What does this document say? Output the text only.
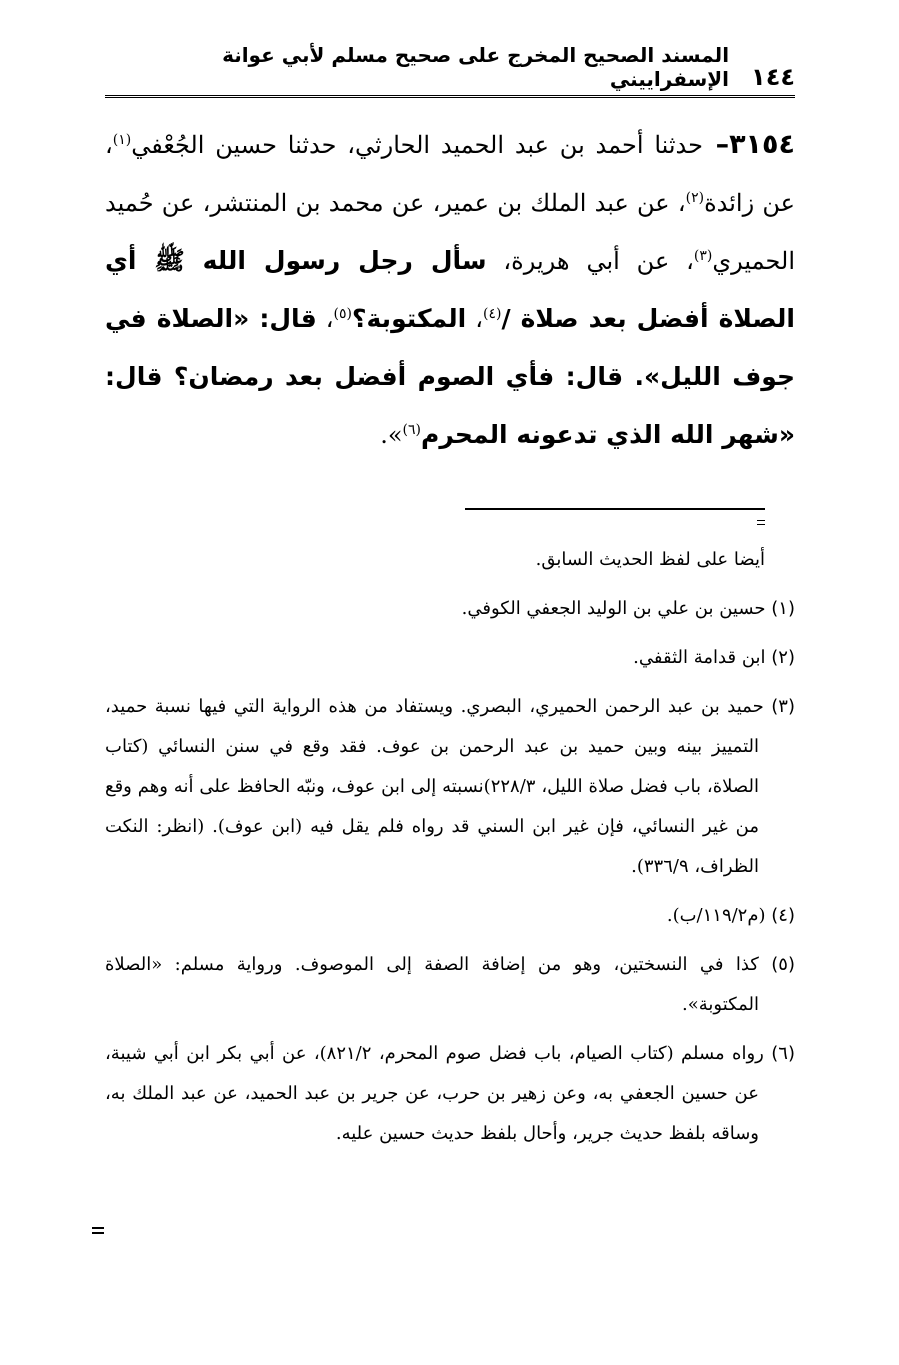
١٤٤
المسند الصحيح المخرج على صحيح مسلم لأبي عوانة الإسفراييني
٣١٥٤– حدثنا أحمد بن عبد الحميد الحارثي، حدثنا حسين الجُعْفي$^{(١)}$، عن زائدة$^{(٢)}$، عن عبد الملك بن عمير، عن محمد بن المنتشر، عن حُميد الحميري$^{(٣)}$، عن أبي هريرة، سأل رجل رسول الله ﷺ أي الصلاة أفضل بعد صلاة /$^{(٤)}$، المكتوبة؟$^{(٥)}$، قال: «الصلاة في جوف الليل». قال: فأي الصوم أفضل بعد رمضان؟ قال: «شهر الله الذي تدعونه المحرم$^{(٦)}$».

أيضا على لفظ الحديث السابق.

(١) حسين بن علي بن الوليد الجعفي الكوفي.

(٢) ابن قدامة الثقفي.

(٣) حميد بن عبد الرحمن الحميري، البصري. ويستفاد من هذه الرواية التي فيها نسبة حميد، التمييز بينه وبين حميد بن عبد الرحمن بن عوف. فقد وقع في سنن النسائي (كتاب الصلاة، باب فضل صلاة الليل، ٢٢٨/٣)نسبته إلى ابن عوف، ونبّه الحافظ على أنه وهم وقع من غير النسائي، فإن غير ابن السني قد رواه فلم يقل فيه (ابن عوف). (انظر: النكت الظراف، ٣٣٦/٩).

(٤) (م١١٩/٢/ب).

(٥) كذا في النسختين، وهو من إضافة الصفة إلى الموصوف. ورواية مسلم: «الصلاة المكتوبة».

(٦) رواه مسلم (كتاب الصيام، باب فضل صوم المحرم، ٨٢١/٢)، عن أبي بكر ابن أبي شيبة، عن حسين الجعفي به، وعن زهير بن حرب، عن جرير بن عبد الحميد، عن عبد الملك به، وساقه بلفظ حديث جرير، وأحال بلفظ حديث حسين عليه.
